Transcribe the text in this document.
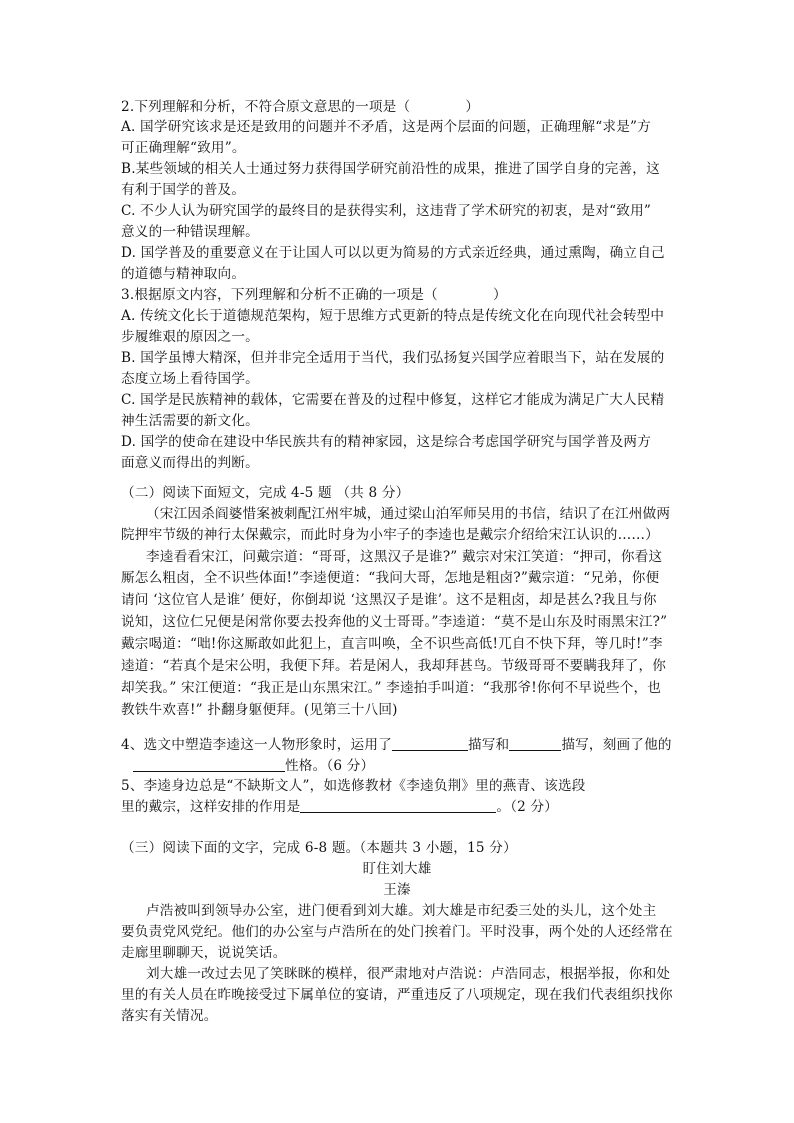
2.下列理解和分析，不符合原文意思的一项是（　　　　）
A. 国学研究该求是还是致用的问题并不矛盾，这是两个层面的问题，正确理解“求是”方
可正确理解“致用”。
B.某些领域的相关人士通过努力获得国学研究前沿性的成果，推进了国学自身的完善，这
有利于国学的普及。
C. 不少人认为研究国学的最终目的是获得实利，这违背了学术研究的初衷，是对“致用”
意义的一种错误理解。
D. 国学普及的重要意义在于让国人可以以更为简易的方式亲近经典，通过熏陶，确立自己
的道德与精神取向。
3.根据原文内容，下列理解和分析不正确的一项是（　　　　）
A. 传统文化长于道德规范架构，短于思维方式更新的特点是传统文化在向现代社会转型中
步履维艰的原因之一。
B. 国学虽博大精深，但并非完全适用于当代，我们弘扬复兴国学应着眼当下，站在发展的
态度立场上看待国学。
C. 国学是民族精神的载体，它需要在普及的过程中修复，这样它才能成为满足广大人民精
神生活需要的新文化。
D. 国学的使命在建设中华民族共有的精神家园，这是综合考虑国学研究与国学普及两方
面意义而得出的判断。
（二）阅读下面短文，完成 4-5 题 （共 8 分）
（宋江因杀阎婆惜案被刺配江州牢城，通过梁山泊军师吴用的书信，结识了在江州做两
院押牢节级的神行太保戴宗，而此时身为小牢子的李逵也是戴宗介绍给宋江认识的……）
李逵看看宋江，问戴宗道：“哥哥，这黑汉子是谁?” 戴宗对宋江笑道：“押司，你看这
厮怎么粗卤，全不识些体面!”李逵便道：“我问大哥，怎地是粗卤?”戴宗道：“兄弟，你便
请问 ‘这位官人是谁’ 便好，你倒却说 ‘这黑汉子是谁’。这不是粗卤，却是甚么?我且与你
说知，这位仁兄便是闲常你要去投奔他的义士哥哥。”李逵道：“莫不是山东及时雨黑宋江?”
戴宗喝道：“咄!你这厮敢如此犯上，直言叫唤，全不识些高低!兀自不快下拜，等几时!”李
逵道：“若真个是宋公明，我便下拜。若是闲人，我却拜甚鸟。节级哥哥不要瞒我拜了，你
却笑我。” 宋江便道：“我正是山东黑宋江。” 李逵拍手叫道：“我那爷!你何不早说些个，也
教铁牛欢喜!” 扑翻身躯便拜。(见第三十八回)
4、选文中塑造李逵这一人物形象时，运用了	描写和	描写，刻画了他的
性格。（6 分）
5、李逵身边总是“不缺斯文人”，如选修教材《李逵负荆》里的燕青、该选段
里的戴宗，这样安排的作用是	。（2 分）
（三）阅读下面的文字，完成 6-8 题。（本题共 3 小题，15 分）
盯住刘大雄
王溱
卢浩被叫到领导办公室，进门便看到刘大雄。刘大雄是市纪委三处的头儿，这个处主
要负责党风党纪。他们的办公室与卢浩所在的处门挨着门。平时没事，两个处的人还经常在
走廊里聊聊天，说说笑话。
刘大雄一改过去见了笑眯眯的模样，很严肃地对卢浩说：卢浩同志，根据举报，你和处
里的有关人员在昨晚接受过下属单位的宴请，严重违反了八项规定，现在我们代表组织找你
落实有关情况。
